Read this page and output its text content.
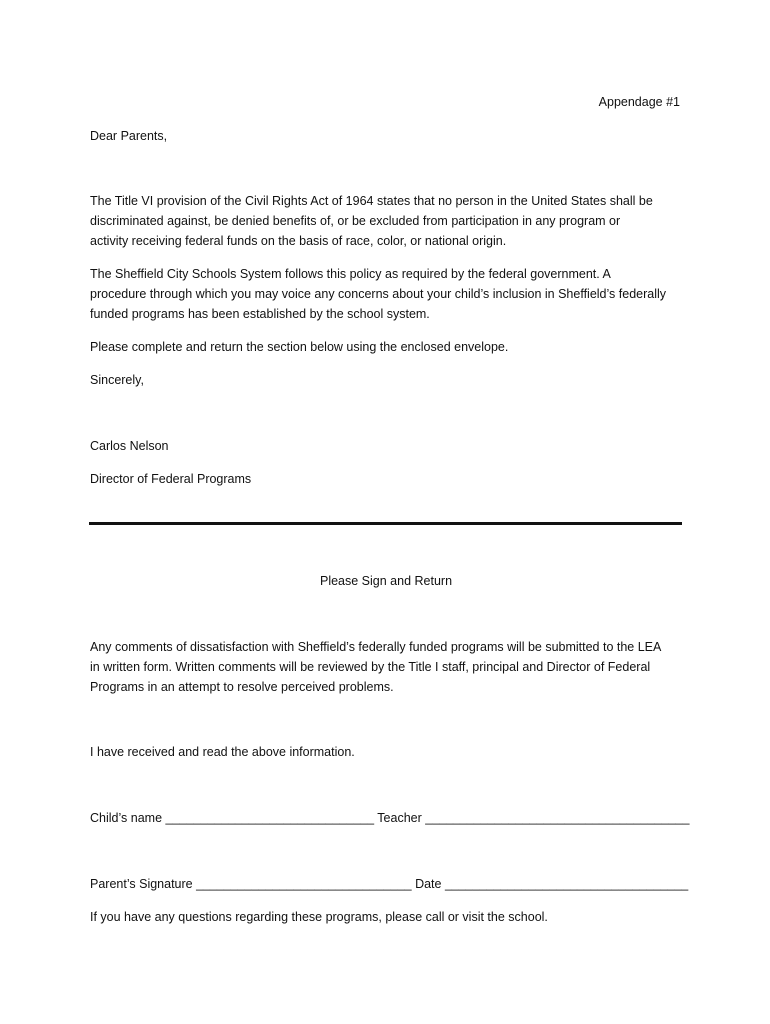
Appendage #1
Dear Parents,
The Title VI provision of the Civil Rights Act of 1964 states that no person in the United States shall be
discriminated against, be denied benefits of, or be excluded from participation in any program or
activity receiving federal funds on the basis of race, color, or national origin.
The Sheffield City Schools System follows this policy as required by the federal government. A
procedure through which you may voice any concerns about your child’s inclusion in Sheffield’s federally
funded programs has been established by the school system.
Please complete and return the section below using the enclosed envelope.
Sincerely,
Carlos Nelson
Director of Federal Programs
Please Sign and Return
Any comments of dissatisfaction with Sheffield’s federally funded programs will be submitted to the LEA
in written form. Written comments will be reviewed by the Title I staff, principal and Director of Federal
Programs in an attempt to resolve perceived problems.
I have received and read the above information.
Child’s name ______________________________ Teacher ______________________________________
Parent’s Signature _______________________________ Date ___________________________________
If you have any questions regarding these programs, please call or visit the school.
